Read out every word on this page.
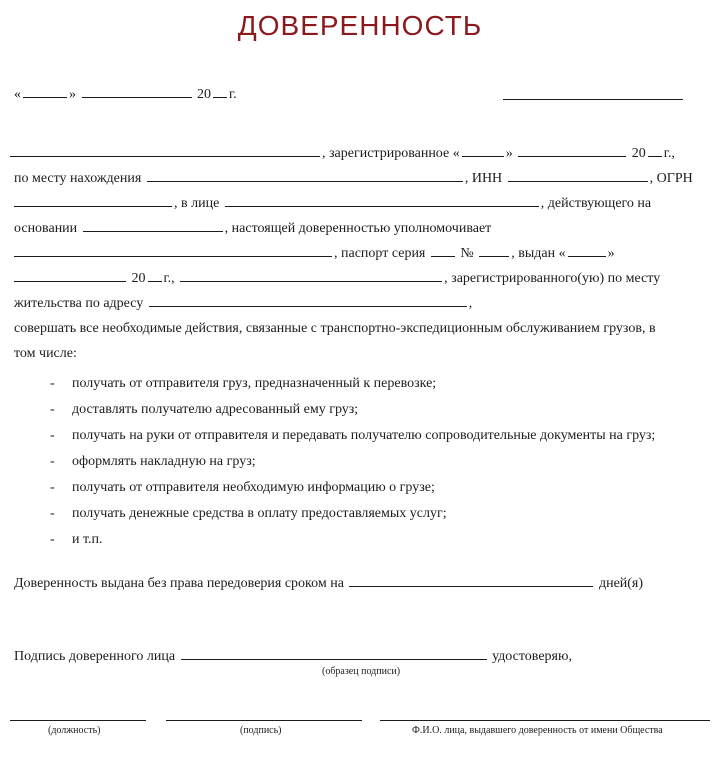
ДОВЕРЕННОСТЬ
«	»	20 г.
, зарегистрированное «	»	20 г.,
по месту нахождения	, ИНН	, ОГРН
, в лице	, действующего на
основании	, настоящей доверенностью уполномочивает
, паспорт серия	№	, выдан «	»
20 г.,	, зарегистрированного(ую) по месту
жительства по адресу	,
совершать все необходимые действия, связанные с транспортно-экспедиционным обслуживанием грузов, в
том числе:
- получать от отправителя груз, предназначенный к перевозке;
- доставлять получателю адресованный ему груз;
- получать на руки от отправителя и передавать получателю сопроводительные документы на груз;
- оформлять накладную на груз;
- получать от отправителя необходимую информацию о грузе;
- получать денежные средства в оплату предоставляемых услуг;
- и т.п.
Доверенность выдана без права передоверия сроком на	дней(я)
Подпись доверенного лица	удостоверяю,
(образец подписи)
(должность)	(подпись)	Ф.И.О. лица, выдавшего доверенность от имени Общества
